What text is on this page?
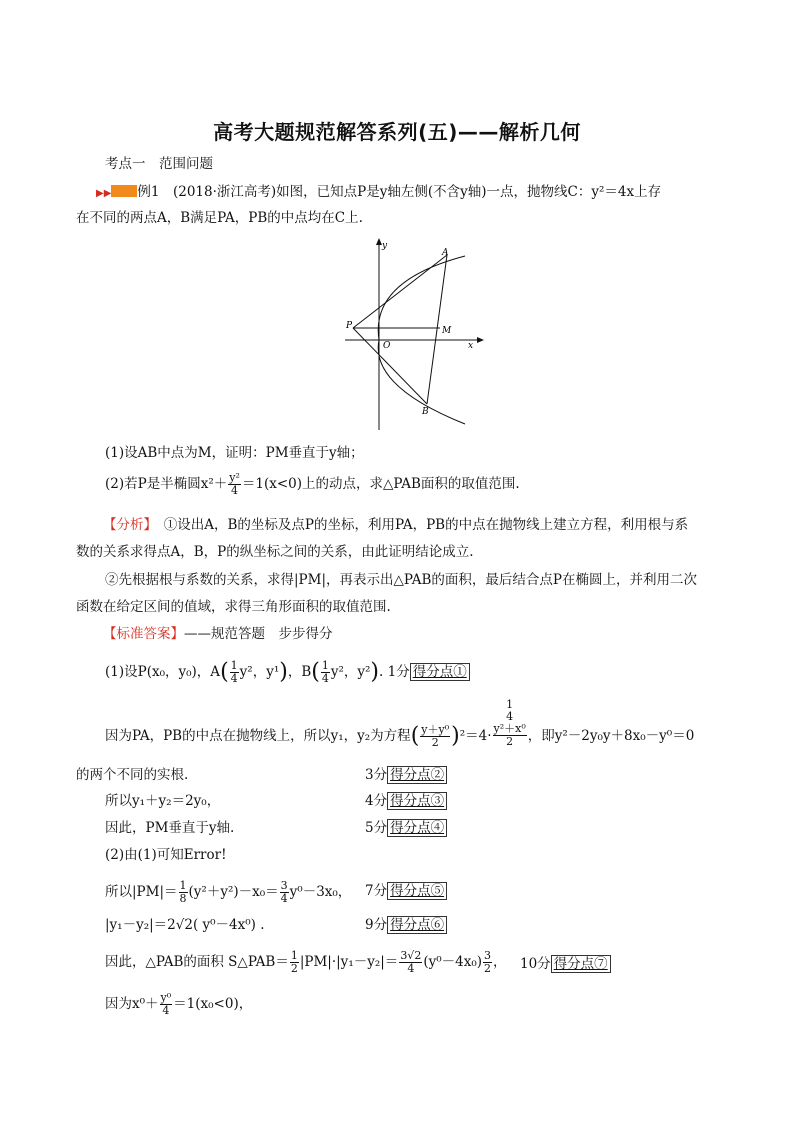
高考大题规范解答系列(五)——解析几何
考点一　范围问题
▶▶ 例1　 (2018·浙江高考)如图，已知点P是y轴左侧(不含y轴)一点，抛物线C：y²＝4x上存
在不同的两点A，B满足PA，PB的中点均在C上.
y
x
A
B
P	M
O
(1)设AB中点为M，证明：PM垂直于y轴；
(2)若P是半椭圆$x^2+ \frac{\text{y²}}{4} =1(x<0)$上的动点，求△PAB面积的取值范围.
【分析】　 ①设出A，B的坐标及点P的坐标，利用PA，PB的中点在抛物线上建立方程，利用根与系
数的关系求得点A，B，P的纵坐标之间的关系，由此证明结论成立.
②先根据根与系数的关系，求得|PM|，再表示出△PAB的面积，最后结合点P在椭圆上，并利用二次
函数在给定区间的值域，求得三角形面积的取值范围.
【标准答案】——规范答题　步步得分
(1)设P(x₀，y₀)，$A( \frac{1}{4} y^2$，y¹)，$B( \frac{1}{4} y^2$，y²). 1分 得分点①
因为PA，PB的中点在抛物线上，所以y₁，y₂为方程( $\frac{\text{y＋y⁰}}{2} )^2=4\cdot 1$
4
y²＋x⁰
2 ，即y²－2y₀y＋8x₀－y⁰＝0
的两个不同的实根.	3分 得分点②
所以y₁＋y₂＝2y₀，	4分 得分点③
因此，PM垂直于y轴.	5分 得分点④
(2)由(1)可知Error!
所以$|PM|= \frac{1}{8} (y^2+y^2)-x_0= \frac{3}{4} y^0-3x_0$， 7分 得分点⑤
|y₁－y₂|＝2√2( y⁰－4x⁰) .	9分 得分点⑥
因此，△PAB的面积 S△PAB＝ $\frac{1}{2} |PM|\cdot|y_1-y_2|= \frac{3√2}{4} (y^0-4x_0) \frac{3}{2}$ ， 10分 得分点⑦
因为$x^0+ \frac{\text{y⁰}}{4} =1(x_0<0)$，
